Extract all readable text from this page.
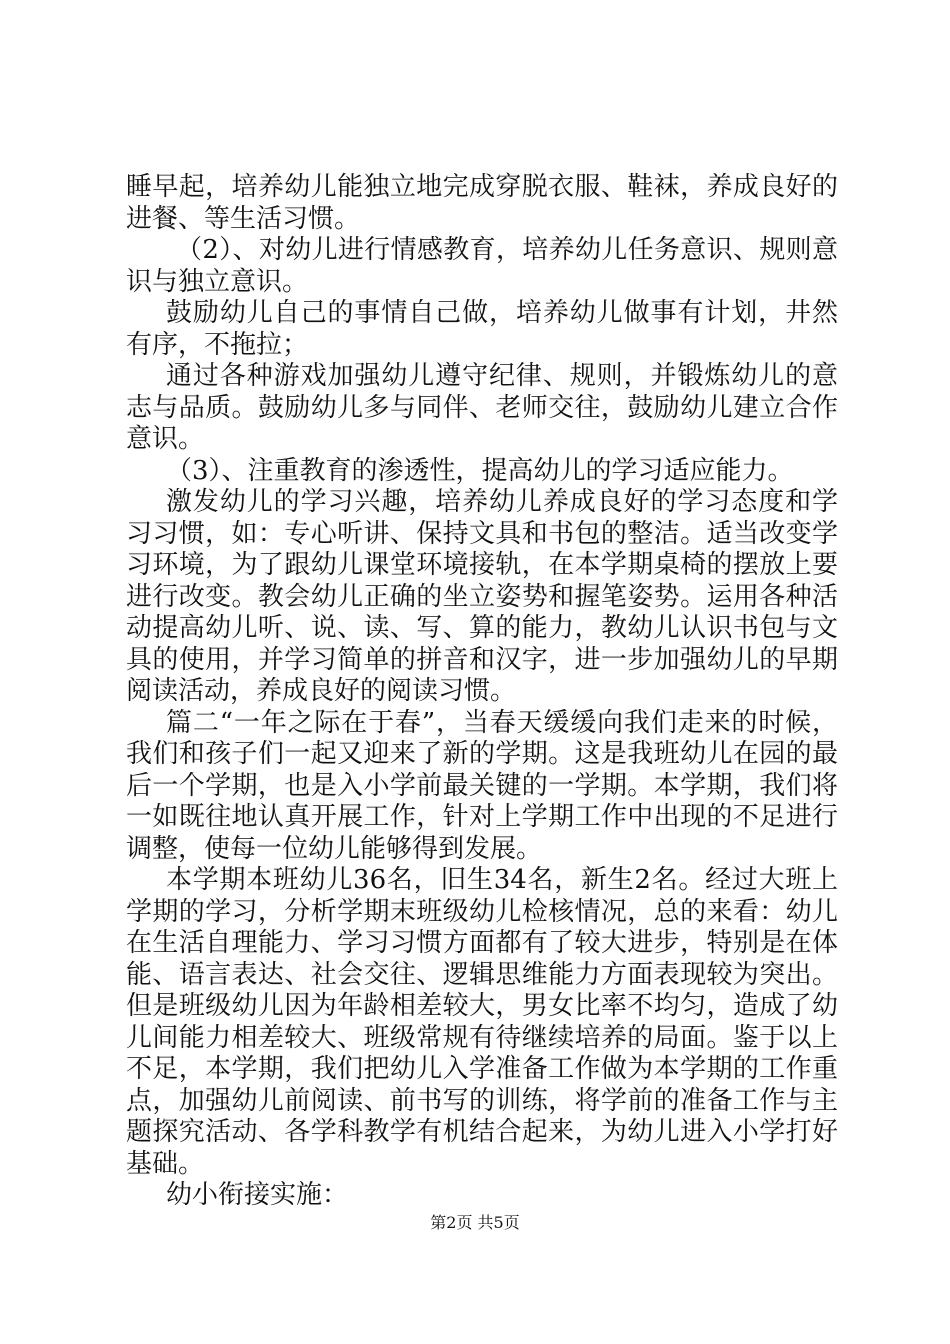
睡早起，培养幼儿能独立地完成穿脱衣服、鞋袜，养成良好的进餐、等生活习惯。

（2）、对幼儿进行情感教育，培养幼儿任务意识、规则意识与独立意识。

鼓励幼儿自己的事情自己做，培养幼儿做事有计划，井然有序，不拖拉；

通过各种游戏加强幼儿遵守纪律、规则，并锻炼幼儿的意志与品质。鼓励幼儿多与同伴、老师交往，鼓励幼儿建立合作意识。

（3）、注重教育的渗透性，提高幼儿的学习适应能力。

激发幼儿的学习兴趣，培养幼儿养成良好的学习态度和学习习惯，如：专心听讲、保持文具和书包的整洁。适当改变学习环境，为了跟幼儿课堂环境接轨，在本学期桌椅的摆放上要进行改变。教会幼儿正确的坐立姿势和握笔姿势。运用各种活动提高幼儿听、说、读、写、算的能力，教幼儿认识书包与文具的使用，并学习简单的拼音和汉字，进一步加强幼儿的早期阅读活动，养成良好的阅读习惯。

篇二“一年之际在于春”，当春天缓缓向我们走来的时候，我们和孩子们一起又迎来了新的学期。这是我班幼儿在园的最后一个学期，也是入小学前最关键的一学期。本学期，我们将一如既往地认真开展工作，针对上学期工作中出现的不足进行调整，使每一位幼儿能够得到发展。

本学期本班幼儿36名，旧生34名，新生2名。经过大班上学期的学习，分析学期末班级幼儿检核情况，总的来看：幼儿在生活自理能力、学习习惯方面都有了较大进步，特别是在体能、语言表达、社会交往、逻辑思维能力方面表现较为突出。但是班级幼儿因为年龄相差较大，男女比率不均匀，造成了幼儿间能力相差较大、班级常规有待继续培养的局面。鉴于以上不足，本学期，我们把幼儿入学准备工作做为本学期的工作重点，加强幼儿前阅读、前书写的训练，将学前的准备工作与主题探究活动、各学科教学有机结合起来，为幼儿进入小学打好基础。

幼小衔接实施：

第2页 共5页
